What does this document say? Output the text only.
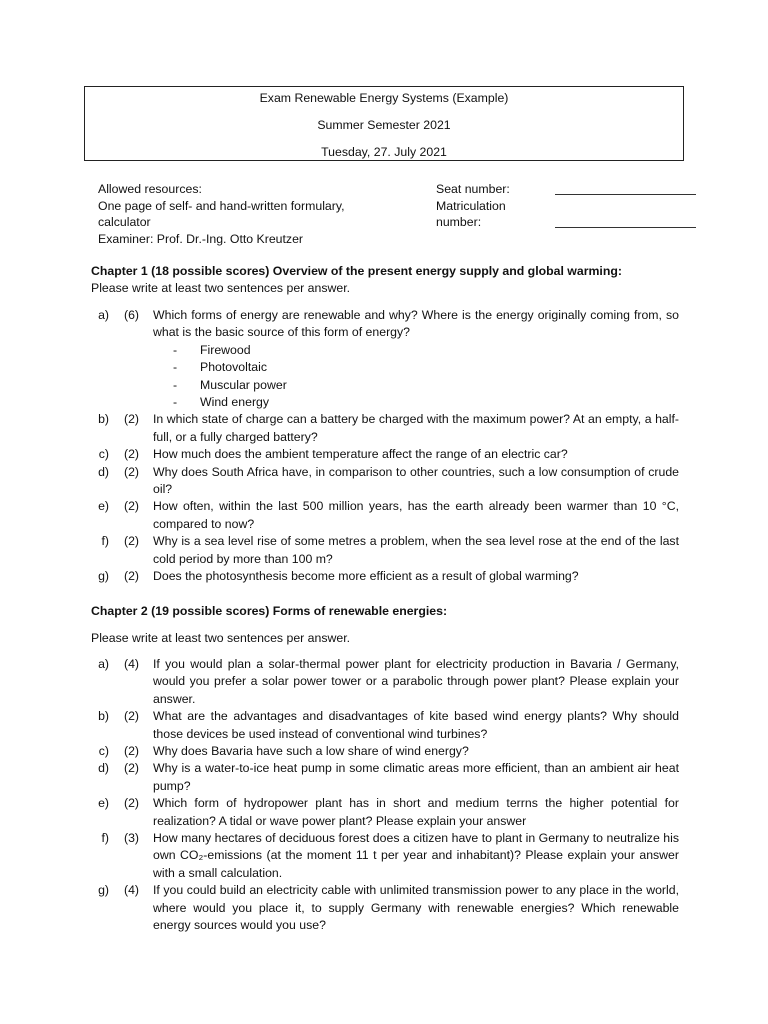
Exam Renewable Energy Systems (Example)
Summer Semester 2021
Tuesday, 27. July 2021
Allowed resources:
One page of self- and hand-written formulary,
calculator
Examiner: Prof. Dr.-Ing. Otto Kreutzer
Seat number:
Matriculation
number:
Chapter 1 (18 possible scores) Overview of the present energy supply and global warming:
Please write at least two sentences per answer.
a) (6) Which forms of energy are renewable and why? Where is the energy originally coming from, so what is the basic source of this form of energy?
- Firewood
- Photovoltaic
- Muscular power
- Wind energy
b) (2) In which state of charge can a battery be charged with the maximum power? At an empty, a half-full, or a fully charged battery?
c) (2) How much does the ambient temperature affect the range of an electric car?
d) (2) Why does South Africa have, in comparison to other countries, such a low consumption of crude oil?
e) (2) How often, within the last 500 million years, has the earth already been warmer than 10 °C, compared to now?
f) (2) Why is a sea level rise of some metres a problem, when the sea level rose at the end of the last cold period by more than 100 m?
g) (2) Does the photosynthesis become more efficient as a result of global warming?
Chapter 2 (19 possible scores) Forms of renewable energies:
Please write at least two sentences per answer.
a) (4) If you would plan a solar-thermal power plant for electricity production in Bavaria / Germany, would you prefer a solar power tower or a parabolic through power plant? Please explain your answer.
b) (2) What are the advantages and disadvantages of kite based wind energy plants? Why should those devices be used instead of conventional wind turbines?
c) (2) Why does Bavaria have such a low share of wind energy?
d) (2) Why is a water-to-ice heat pump in some climatic areas more efficient, than an ambient air heat pump?
e) (2) Which form of hydropower plant has in short and medium terrns the higher potential for realization? A tidal or wave power plant? Please explain your answer
f) (3) How many hectares of deciduous forest does a citizen have to plant in Germany to neutralize his own CO₂-emissions (at the moment 11 t per year and inhabitant)? Please explain your answer with a small calculation.
g) (4) If you could build an electricity cable with unlimited transmission power to any place in the world, where would you place it, to supply Germany with renewable energies? Which renewable energy sources would you use?
